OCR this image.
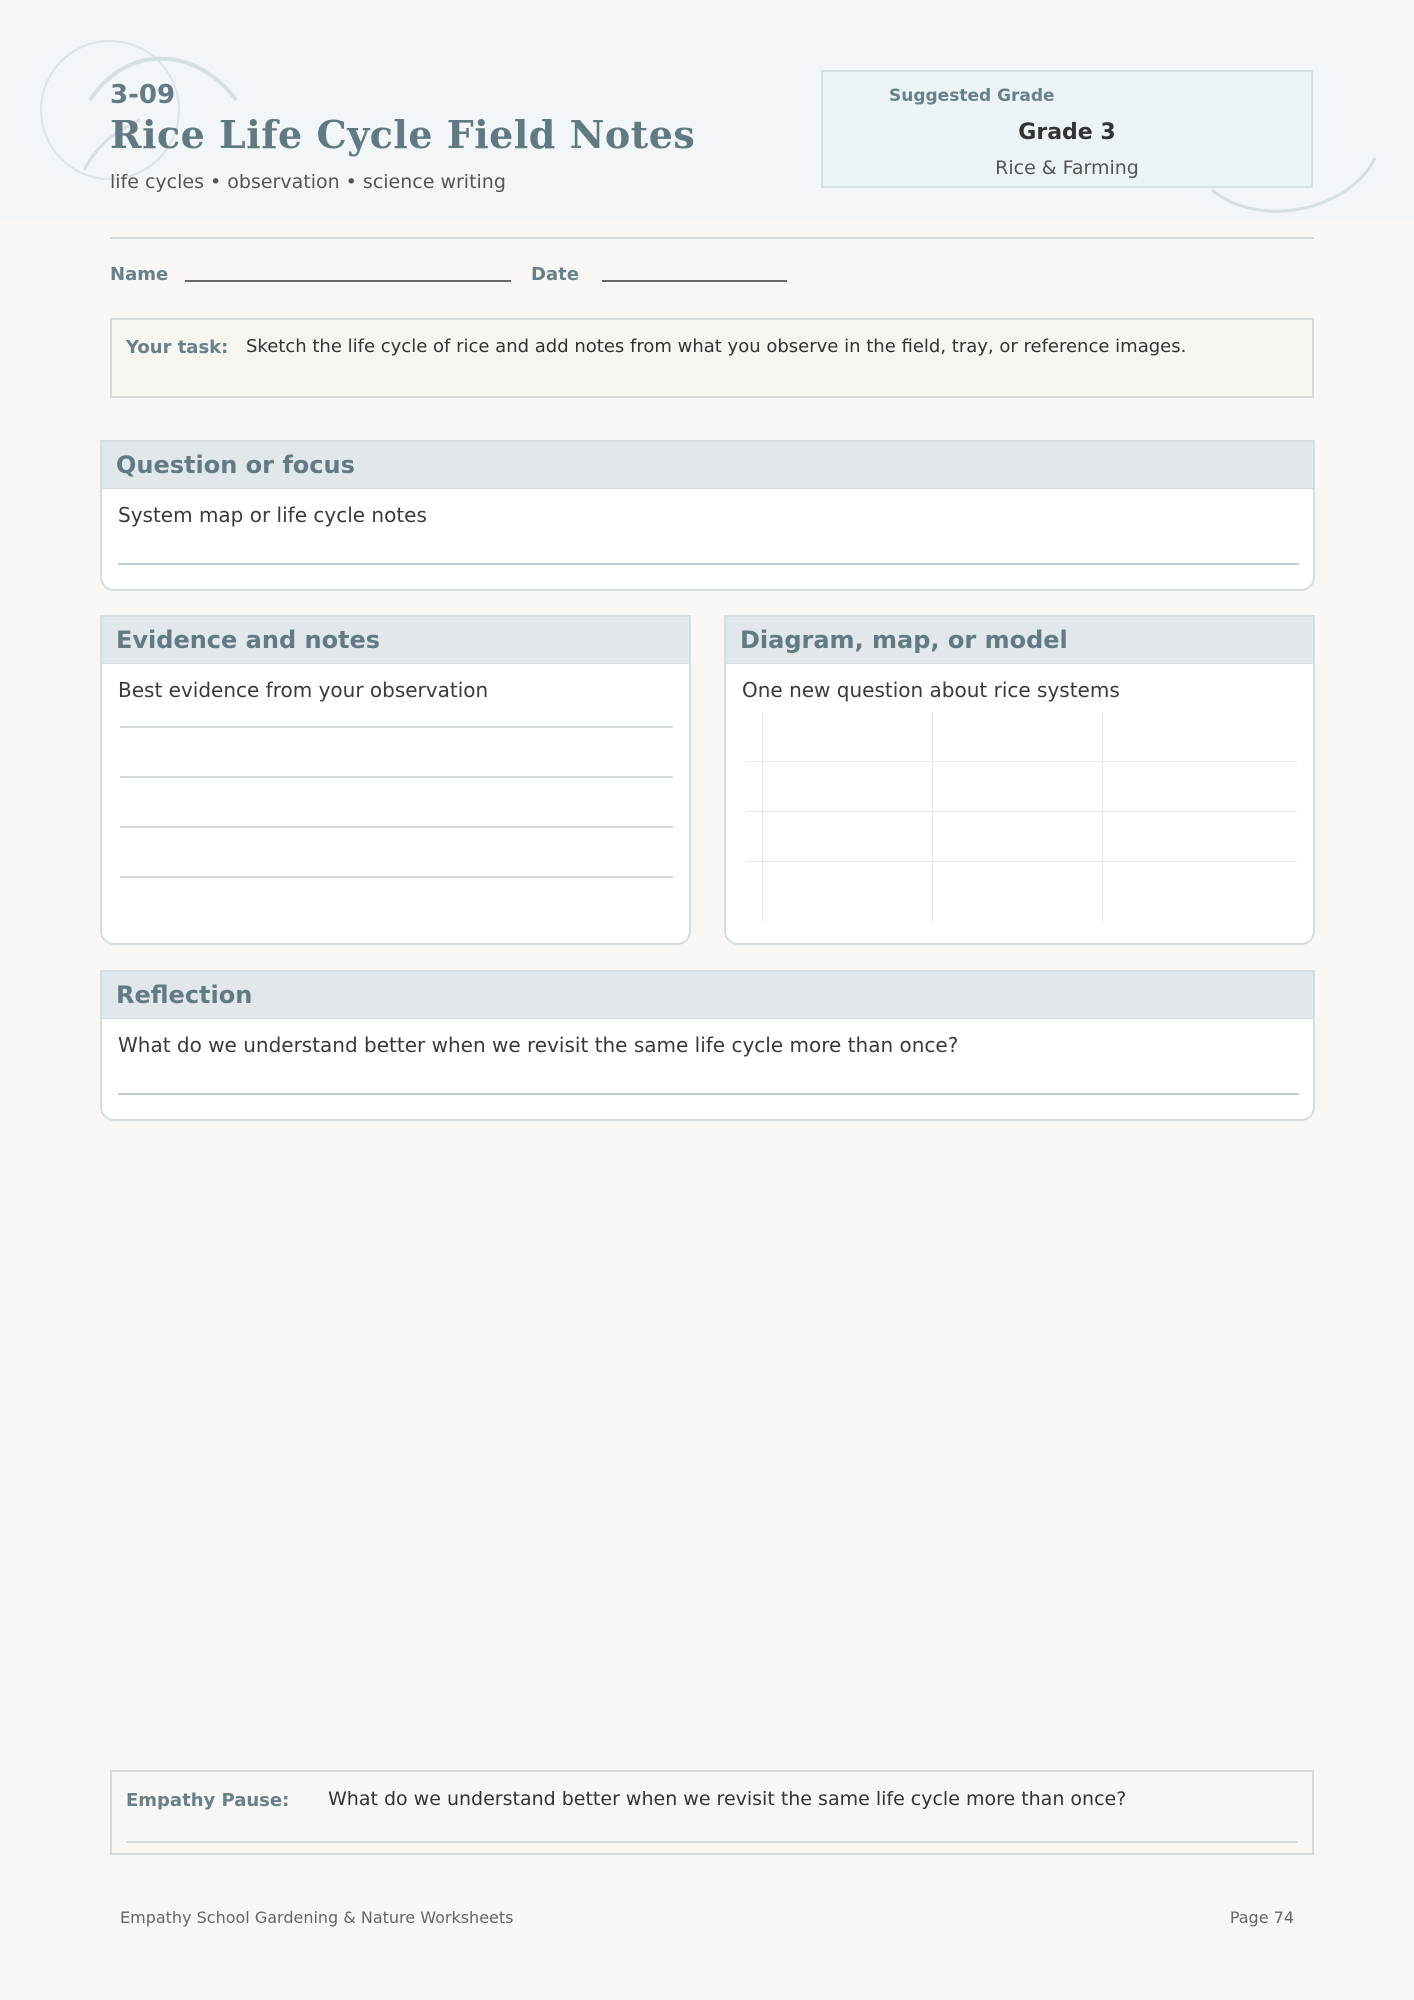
3-09
Rice Life Cycle Field Notes
life cycles • observation • science writing
Suggested Grade
Grade 3
Rice & Farming
Name	Date
Your task: Sketch the life cycle of rice and add notes from what you observe in the field, tray, or reference images.
Question or focus
System map or life cycle notes
Evidence and notes
Best evidence from your observation
Diagram, map, or model
One new question about rice systems
Reflection
What do we understand better when we revisit the same life cycle more than once?
Empathy Pause: What do we understand better when we revisit the same life cycle more than once?
Empathy School Gardening & Nature Worksheets	Page 74
